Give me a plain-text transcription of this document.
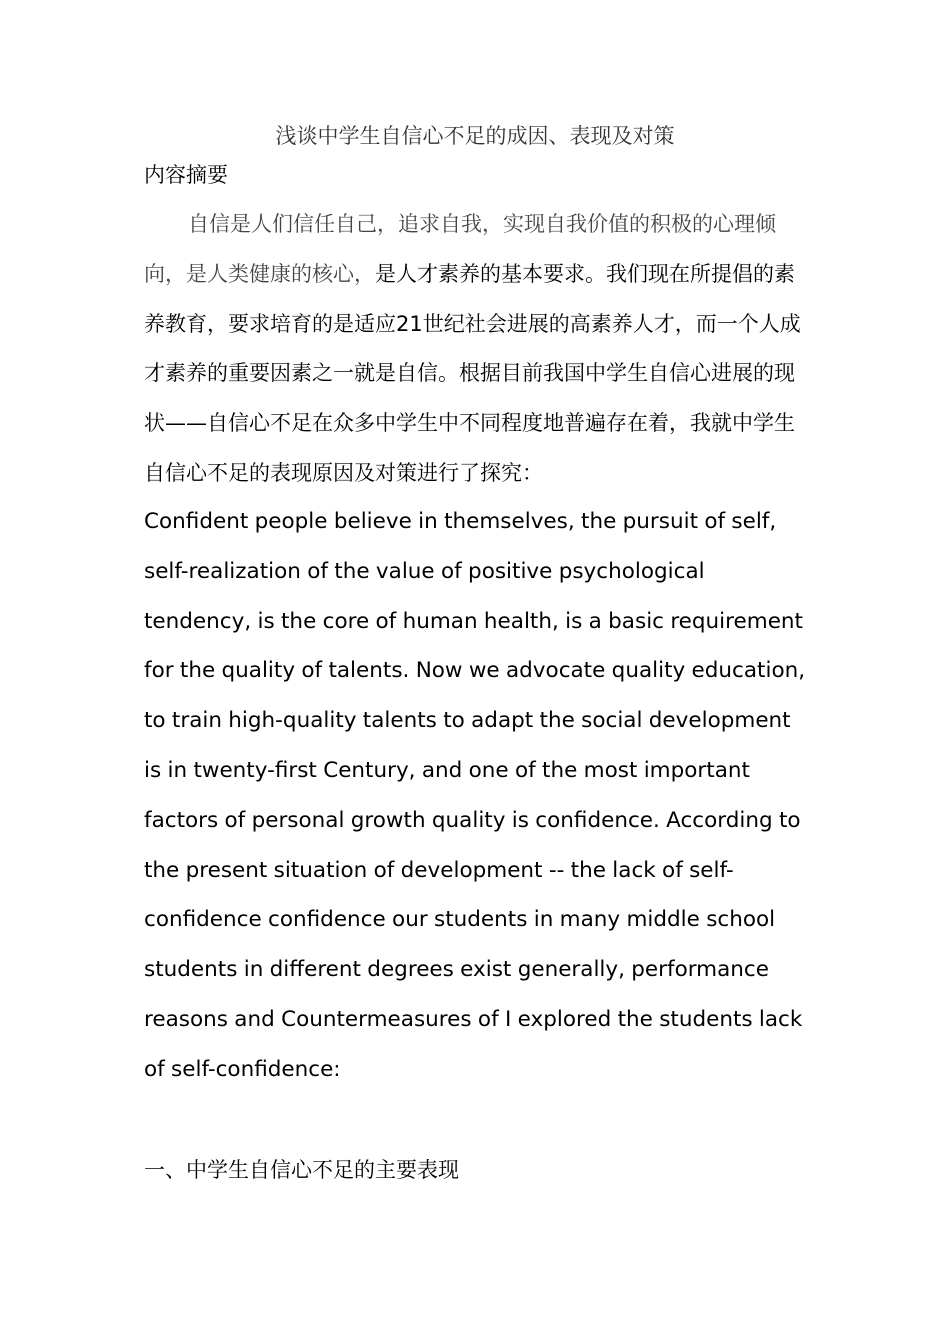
浅谈中学生自信心不足的成因、表现及对策
内容摘要

自信是人们信任自己，追求自我，实现自我价值的积极的心理倾向，是人类健康的核心，是人才素养的基本要求。我们现在所提倡的素养教育，要求培育的是适应21世纪社会进展的高素养人才，而一个人成才素养的重要因素之一就是自信。根据目前我国中学生自信心进展的现状——自信心不足在众多中学生中不同程度地普遍存在着，我就中学生自信心不足的表现原因及对策进行了探究：

Confident people believe in themselves, the pursuit of self, self-realization of the value of positive psychological tendency, is the core of human health, is a basic requirement for the quality of talents. Now we advocate quality education, to train high-quality talents to adapt the social development is in twenty-first Century, and one of the most important factors of personal growth quality is confidence. According to the present situation of development -- the lack of self-confidence confidence our students in many middle school students in different degrees exist generally, performance reasons and Countermeasures of I explored the students lack of self-confidence:

一、中学生自信心不足的主要表现
